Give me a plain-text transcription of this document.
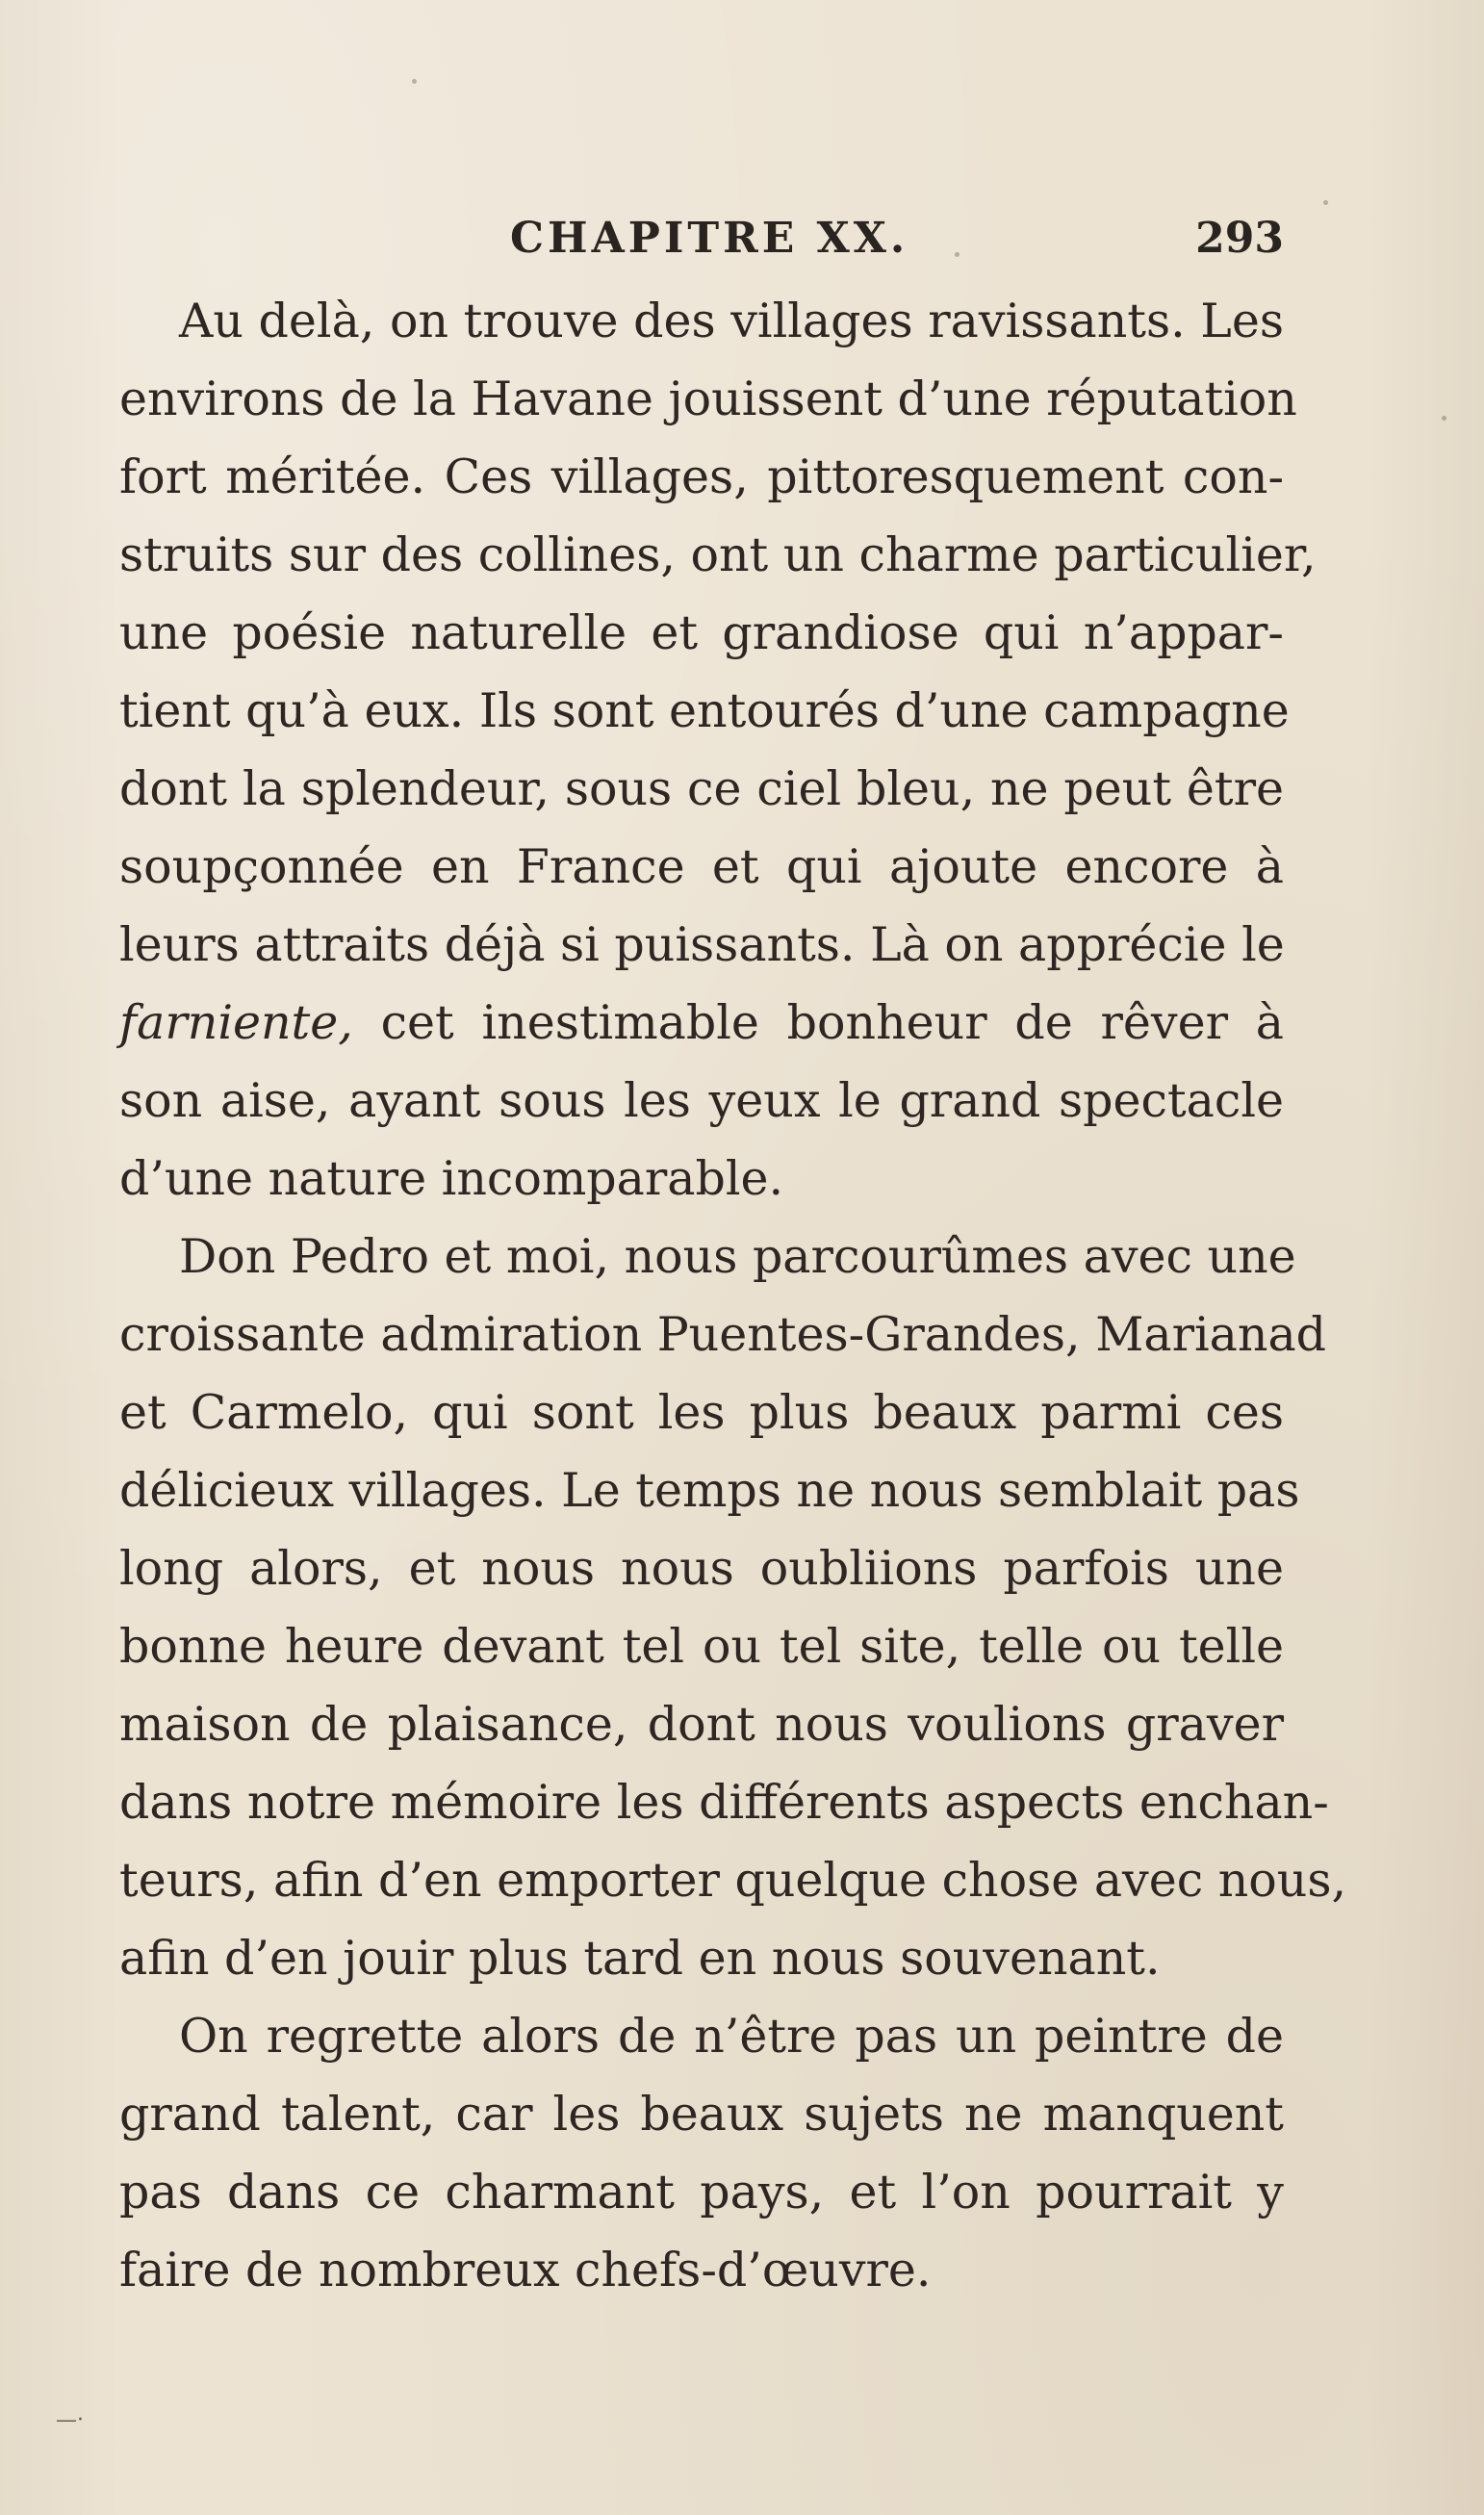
CHAPITRE XX.	293

Au delà, on trouve des villages ravissants. Les
environs de la Havane jouissent d’une réputation
fort méritée. Ces villages, pittoresquement con-
struits sur des collines, ont un charme particulier,
une poésie naturelle et grandiose qui n’appar-
tient qu’à eux. Ils sont entourés d’une campagne
dont la splendeur, sous ce ciel bleu, ne peut être
soupçonnée en France et qui ajoute encore à
leurs attraits déjà si puissants. Là on apprécie le
farniente, cet inestimable bonheur de rêver à
son aise, ayant sous les yeux le grand spectacle
d’une nature incomparable.

Don Pedro et moi, nous parcourûmes avec une
croissante admiration Puentes-Grandes, Marianad
et Carmelo, qui sont les plus beaux parmi ces
délicieux villages. Le temps ne nous semblait pas
long alors, et nous nous oubliions parfois une
bonne heure devant tel ou tel site, telle ou telle
maison de plaisance, dont nous voulions graver
dans notre mémoire les différents aspects enchan-
teurs, afin d’en emporter quelque chose avec nous,
afin d’en jouir plus tard en nous souvenant.

On regrette alors de n’être pas un peintre de
grand talent, car les beaux sujets ne manquent
pas dans ce charmant pays, et l’on pourrait y
faire de nombreux chefs-d’œuvre.

—·
